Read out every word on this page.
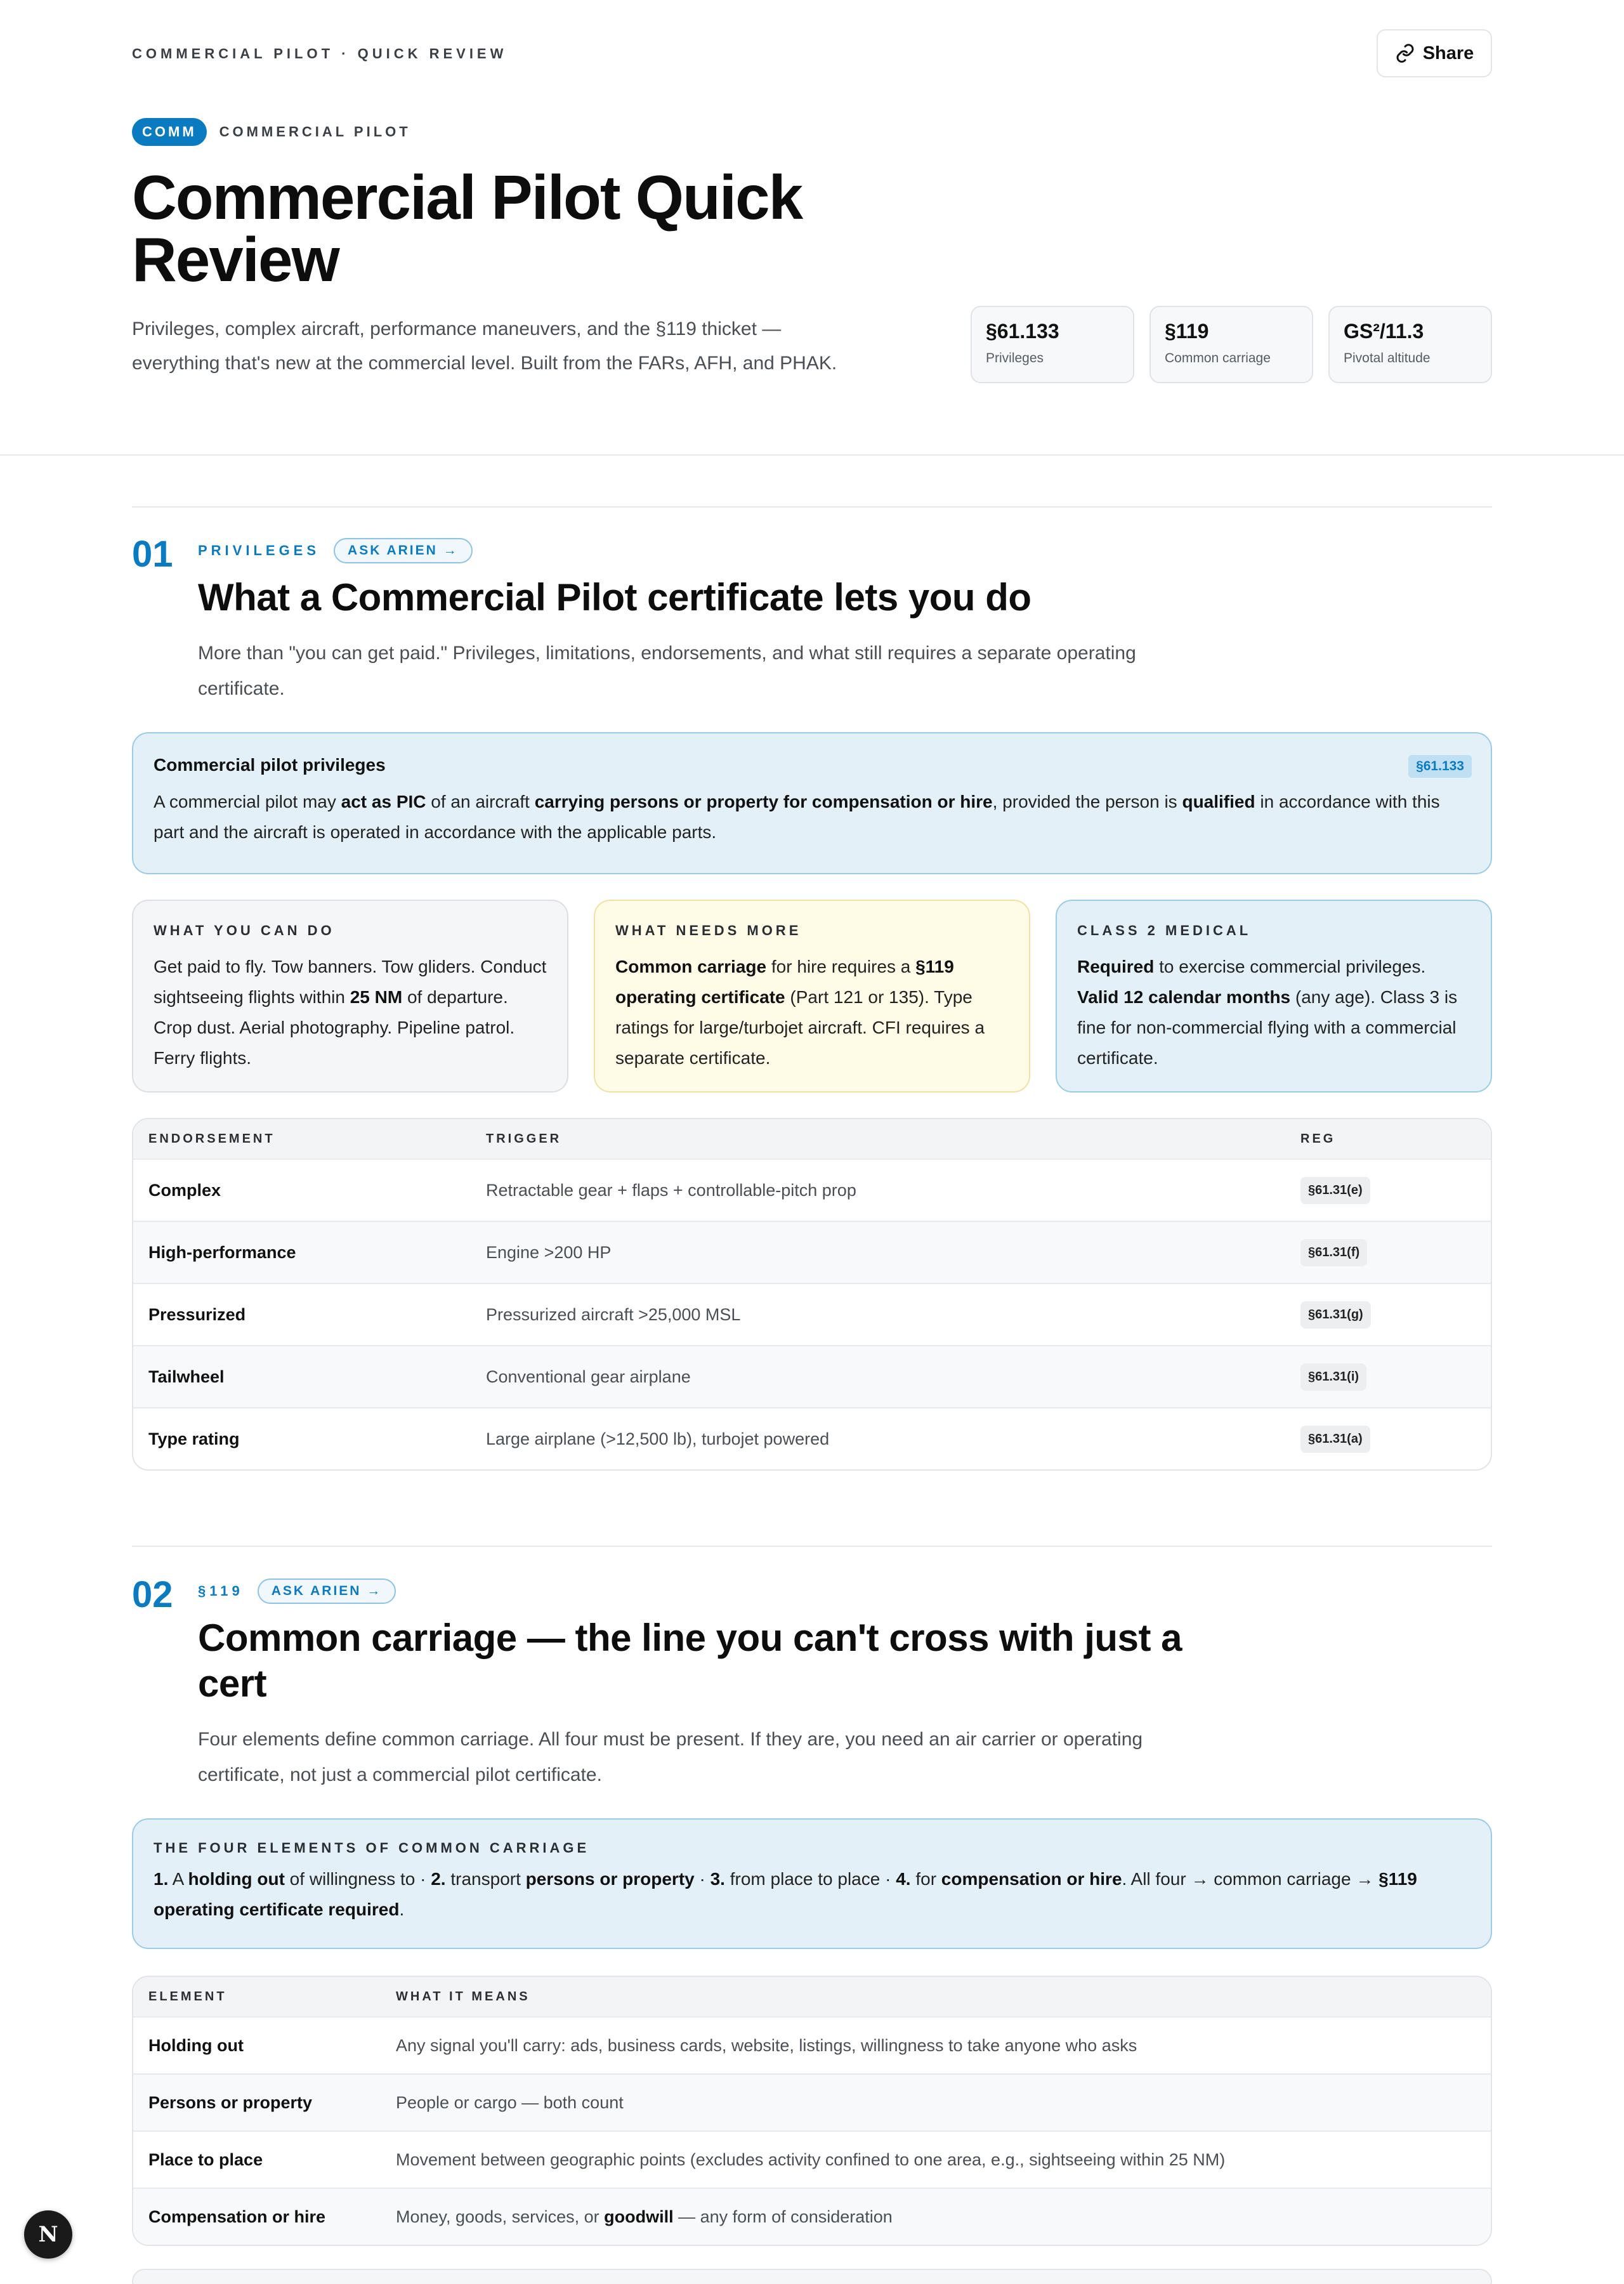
COMMERCIAL PILOT · QUICK REVIEW	Share
COMM	COMMERCIAL PILOT
Commercial Pilot Quick Review

Privileges, complex aircraft, performance maneuvers, and the §119 thicket — everything that's new at the commercial level. Built from the FARs, AFH, and PHAK.

§61.133
Privileges
§119
Common carriage
GS²/11.3
Pivotal altitude
01 PRIVILEGES	ASK ARIEN →
What a Commercial Pilot certificate lets you do

More than "you can get paid." Privileges, limitations, endorsements, and what still requires a separate operating certificate.

Commercial pilot privileges	§61.133
A commercial pilot may act as PIC of an aircraft carrying persons or property for compensation or hire, provided the person is qualified in accordance with this part and the aircraft is operated in accordance with the applicable parts.
WHAT YOU CAN DO
Get paid to fly. Tow banners. Tow gliders. Conduct sightseeing flights within 25 NM of departure. Crop dust. Aerial photography. Pipeline patrol. Ferry flights.
WHAT NEEDS MORE
Common carriage for hire requires a §119 operating certificate (Part 121 or 135). Type ratings for large/turbojet aircraft. CFI requires a separate certificate.
CLASS 2 MEDICAL
Required to exercise commercial privileges. Valid 12 calendar months (any age). Class 3 is fine for non-commercial flying with a commercial certificate.
ENDORSEMENT	TRIGGER	REG
Complex	Retractable gear + flaps + controllable-pitch prop	§61.31(e)
High-performance	Engine >200 HP	§61.31(f)
Pressurized	Pressurized aircraft >25,000 MSL	§61.31(g)
Tailwheel	Conventional gear airplane	§61.31(i)
Type rating	Large airplane (>12,500 lb), turbojet powered	§61.31(a)
02 §119	ASK ARIEN →
Common carriage — the line you can't cross with just a cert

Four elements define common carriage. All four must be present. If they are, you need an air carrier or operating certificate, not just a commercial pilot certificate.

THE FOUR ELEMENTS OF COMMON CARRIAGE
1. A holding out of willingness to · 2. transport persons or property · 3. from place to place · 4. for compensation or hire. All four → common carriage → §119 operating certificate required.
ELEMENT	WHAT IT MEANS
Holding out	Any signal you'll carry: ads, business cards, website, listings, willingness to take anyone who asks
Persons or property	People or cargo — both count
Place to place	Movement between geographic points (excludes activity confined to one area, e.g., sightseeing within 25 NM)
Compensation or hire	Money, goods, services, or goodwill — any form of consideration
N
